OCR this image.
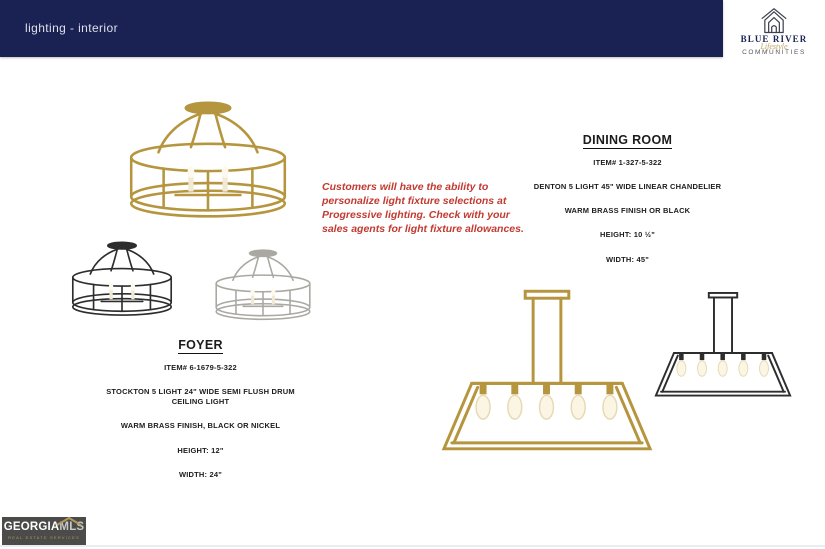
lighting - interior
BLUE RIVER
Lifestyle
COMMUNITIES
Customers will have the ability to personalize light fixture selections at Progressive lighting. Check with your sales agents for light fixture allowances.
DINING ROOM
ITEM# 1-327-5-322
DENTON 5 LIGHT 45" WIDE LINEAR CHANDELIER
WARM BRASS FINISH OR BLACK
HEIGHT: 10 ½"
WIDTH: 45"
FOYER
ITEM# 6-1679-5-322
STOCKTON 5 LIGHT 24" WIDE SEMI FLUSH DRUM CEILING LIGHT
WARM BRASS FINISH, BLACK OR NICKEL
HEIGHT: 12"
WIDTH: 24"
GEORGIA MLS
REAL ESTATE SERVICES
